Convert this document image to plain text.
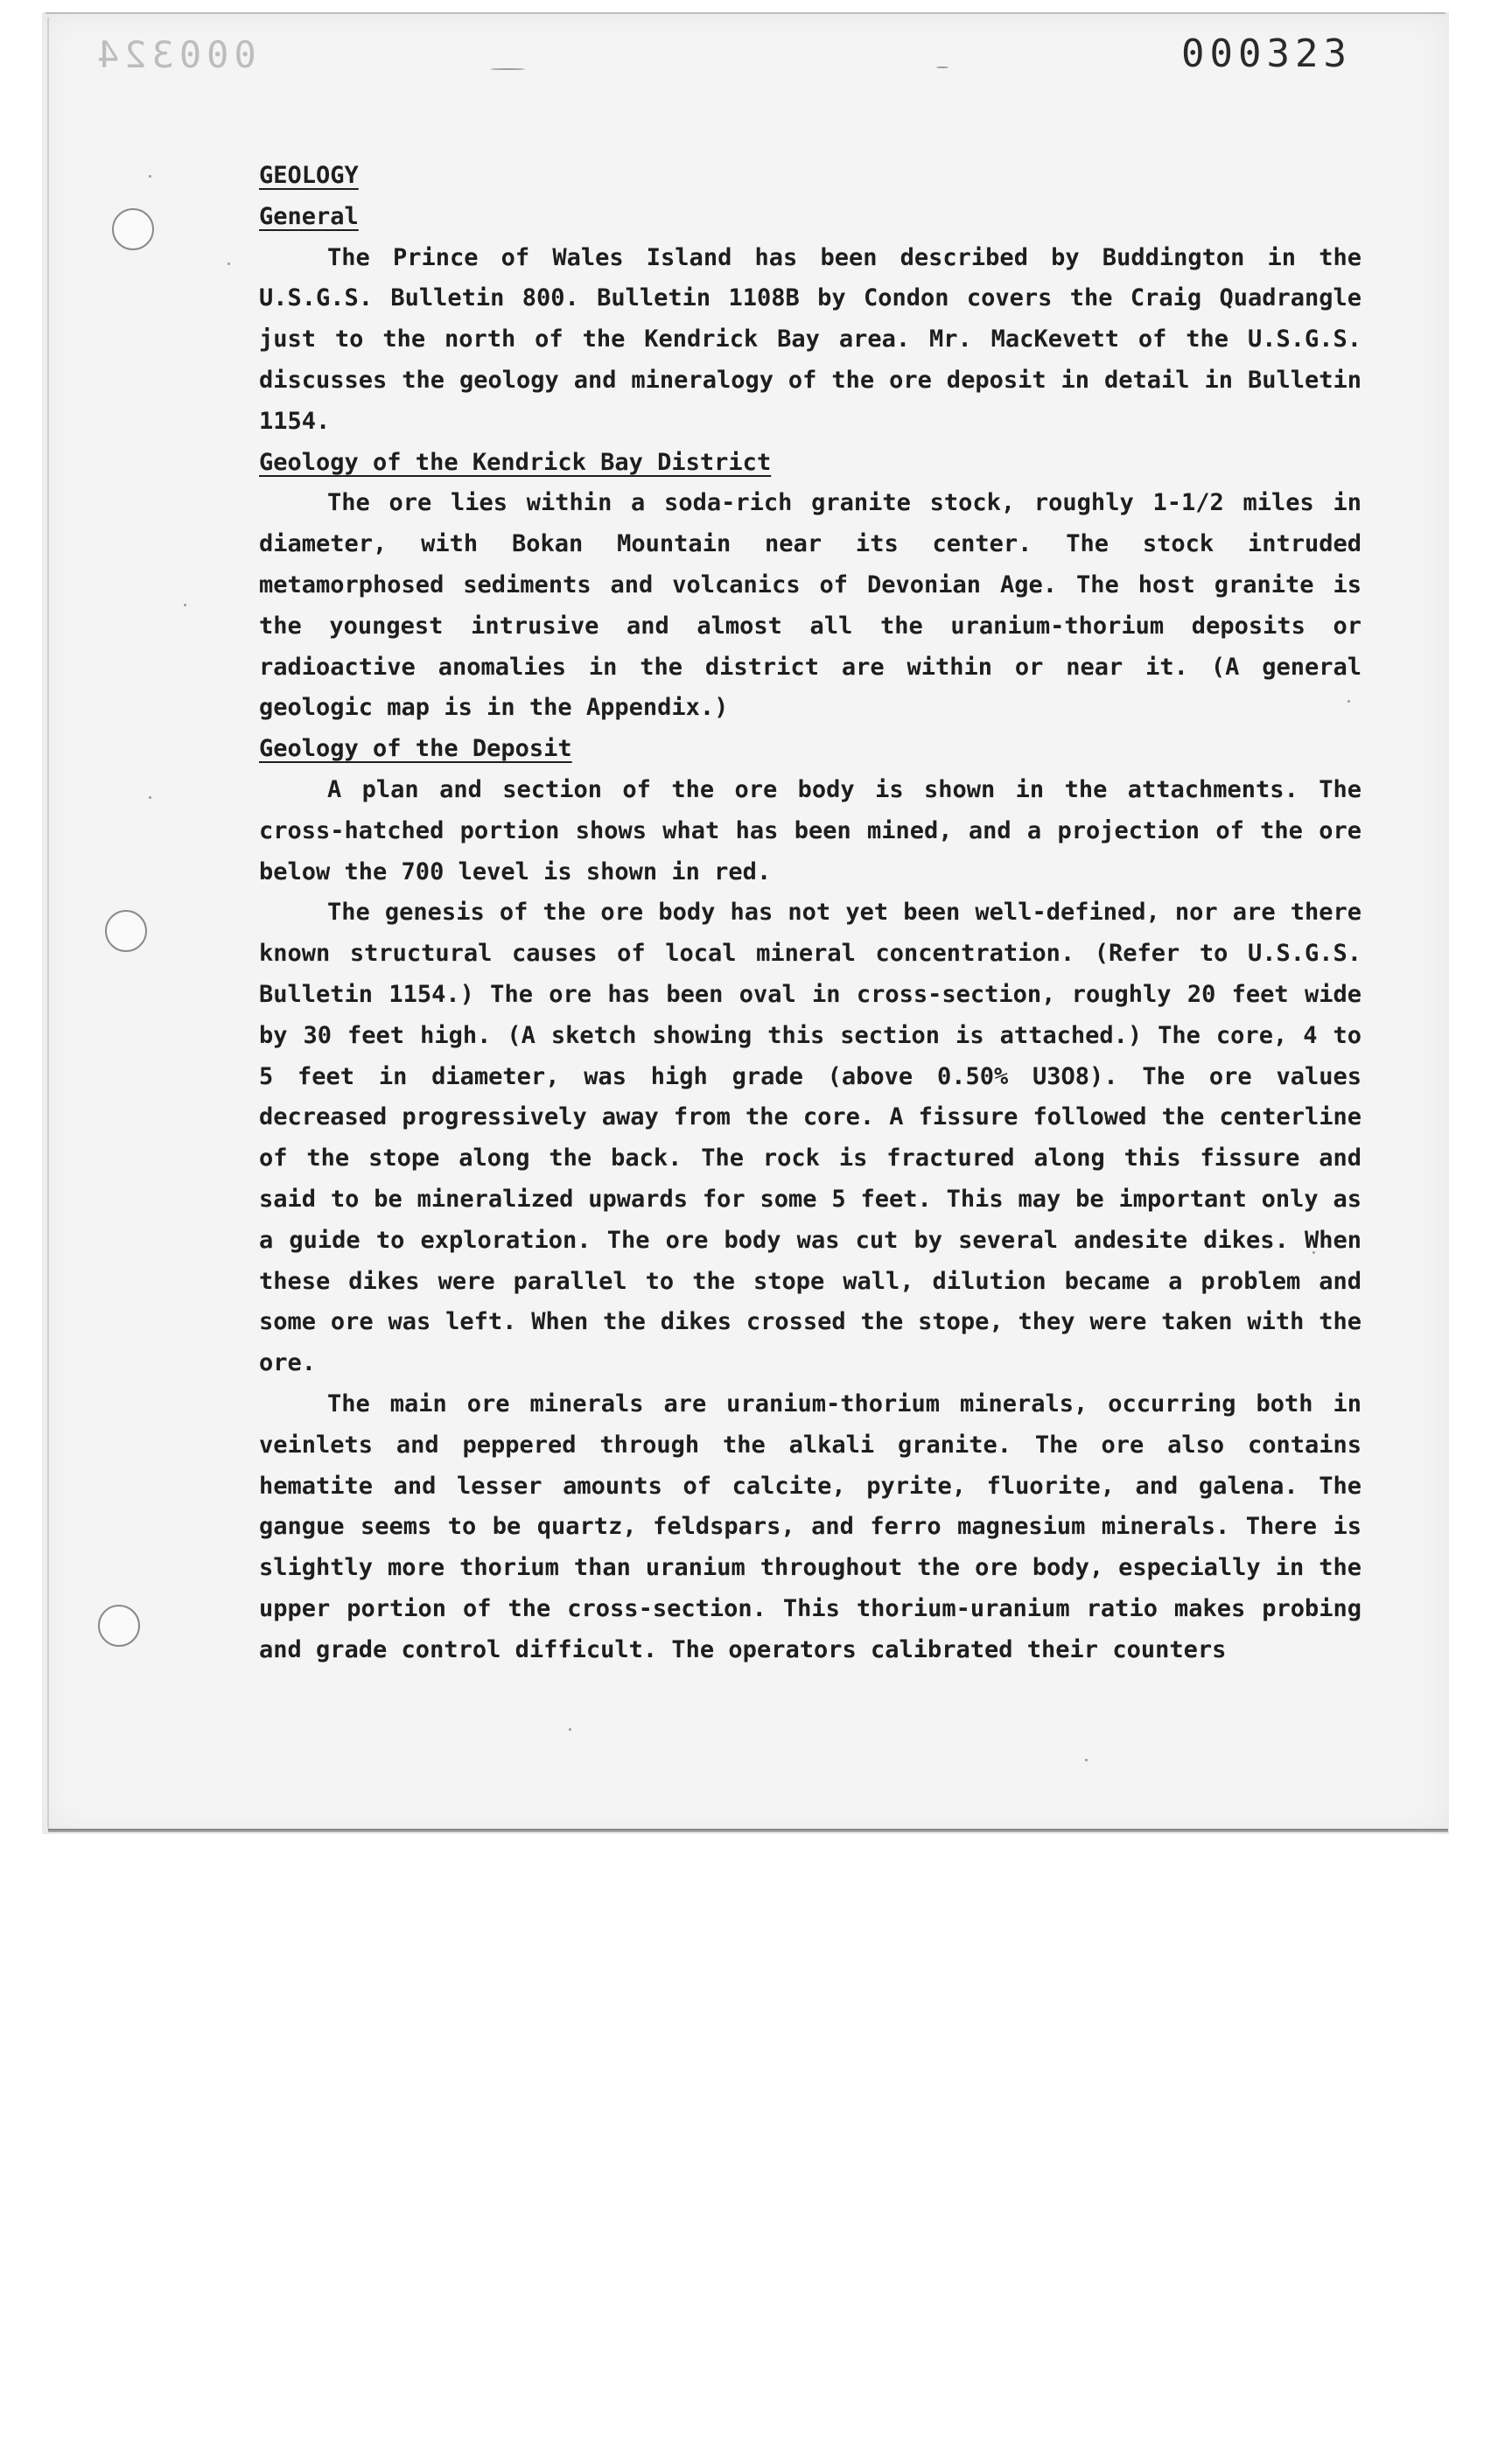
000324	000323
GEOLOGY
General

The Prince of Wales Island has been described by Buddington in the U.S.G.S. Bulletin 800. Bulletin 1108B by Condon covers the Craig Quadrangle just to the north of the Kendrick Bay area. Mr. MacKevett of the U.S.G.S. discusses the geology and mineralogy of the ore deposit in detail in Bulletin 1154.

Geology of the Kendrick Bay District

The ore lies within a soda-rich granite stock, roughly 1-1/2 miles in diameter, with Bokan Mountain near its center. The stock intruded metamorphosed sediments and volcanics of Devonian Age. The host granite is the youngest intrusive and almost all the uranium-thorium deposits or radioactive anomalies in the district are within or near it. (A general geologic map is in the Appendix.)

Geology of the Deposit

A plan and section of the ore body is shown in the attachments. The cross-hatched portion shows what has been mined, and a projection of the ore below the 700 level is shown in red.

The genesis of the ore body has not yet been well-defined, nor are there known structural causes of local mineral concentration. (Refer to U.S.G.S. Bulletin 1154.) The ore has been oval in cross-section, roughly 20 feet wide by 30 feet high. (A sketch showing this section is attached.) The core, 4 to 5 feet in diameter, was high grade (above 0.50% U3O8). The ore values decreased progressively away from the core. A fissure followed the centerline of the stope along the back. The rock is fractured along this fissure and said to be mineralized upwards for some 5 feet. This may be important only as a guide to exploration. The ore body was cut by several andesite dikes. When these dikes were parallel to the stope wall, dilution became a problem and some ore was left. When the dikes crossed the stope, they were taken with the ore.

The main ore minerals are uranium-thorium minerals, occurring both in veinlets and peppered through the alkali granite. The ore also contains hematite and lesser amounts of calcite, pyrite, fluorite, and galena. The gangue seems to be quartz, feldspars, and ferro magnesium minerals. There is slightly more thorium than uranium throughout the ore body, especially in the upper portion of the cross-section. This thorium-uranium ratio makes probing and grade control difficult. The operators calibrated their counters
